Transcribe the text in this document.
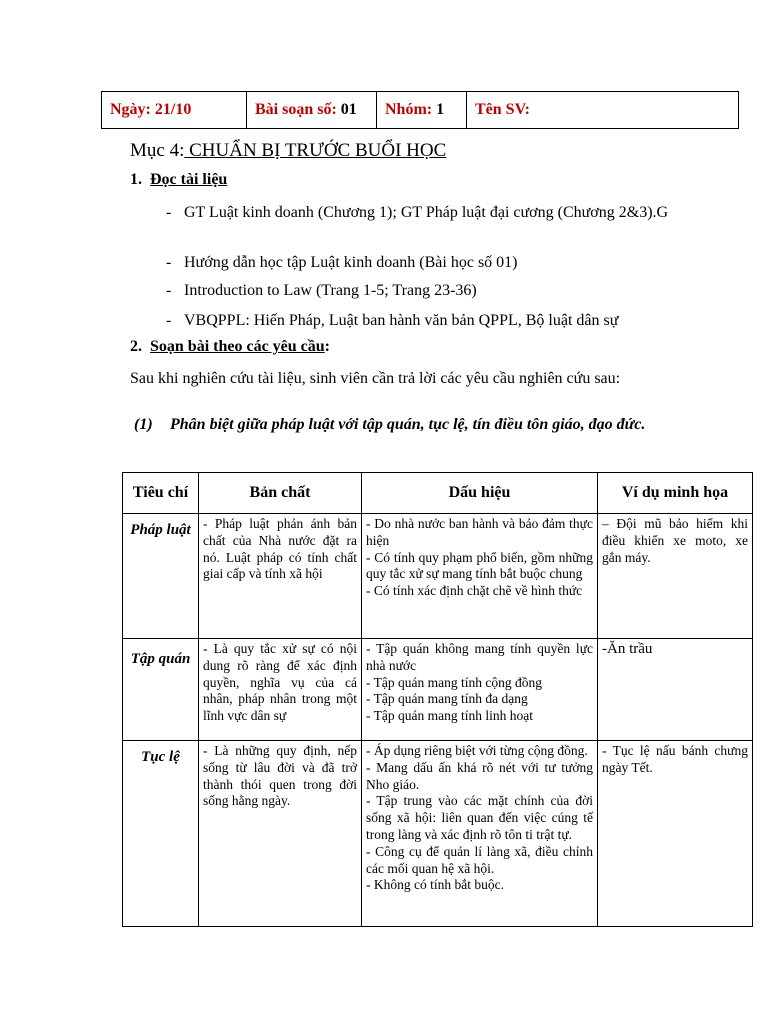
Ngày: 21/10	Bài soạn số: 01	Nhóm: 1	Tên SV:
Mục 4: CHUẨN BỊ TRƯỚC BUỔI HỌC
1. Đọc tài liệu
- GT Luật kinh doanh (Chương 1); GT Pháp luật đại cương (Chương 2&3).G
- Hướng dẫn học tập Luật kinh doanh (Bài học số 01)
- Introduction to Law (Trang 1-5; Trang 23-36)
- VBQPPL: Hiến Pháp, Luật ban hành văn bản QPPL, Bộ luật dân sự
2. Soạn bài theo các yêu cầu:
Sau khi nghiên cứu tài liệu, sinh viên cần trả lời các yêu cầu nghiên cứu sau:
(1) Phân biệt giữa pháp luật với tập quán, tục lệ, tín điều tôn giáo, đạo đức.
Tiêu chí	Bản chất	Dấu hiệu	Ví dụ minh họa
Pháp luật	- Pháp luật phản ánh bản chất của Nhà nước đặt ra nó. Luật pháp có tính chất giai cấp và tính xã hội	- Do nhà nước ban hành và bảo đảm thực hiện
- Có tính quy phạm phổ biến, gồm những quy tắc xử sự mang tính bắt buộc chung
- Có tính xác định chặt chẽ về hình thức	– Đội mũ bảo hiểm khi điều khiển xe moto, xe gắn máy.
Tập quán	- Là quy tắc xử sự có nội dung rõ ràng để xác định quyền, nghĩa vụ của cá nhân, pháp nhân trong một lĩnh vực dân sự	- Tập quán không mang tính quyền lực nhà nước
- Tập quán mang tính cộng đồng
- Tập quán mang tính đa dạng
- Tập quán mang tính linh hoạt	-Ăn trầu
Tục lệ	- Là những quy định, nếp sống từ lâu đời và đã trở thành thói quen trong đời sống hằng ngày.	- Áp dụng riêng biệt với từng cộng đồng.
- Mang dấu ấn khá rõ nét với tư tưởng Nho giáo.
- Tập trung vào các mặt chính của đời sống xã hội: liên quan đến việc cúng tế trong làng và xác định rõ tôn ti trật tự.
- Công cụ để quản lí làng xã, điều chỉnh các mối quan hệ xã hội.
- Không có tính bắt buộc.	- Tục lệ nấu bánh chưng ngày Tết.
